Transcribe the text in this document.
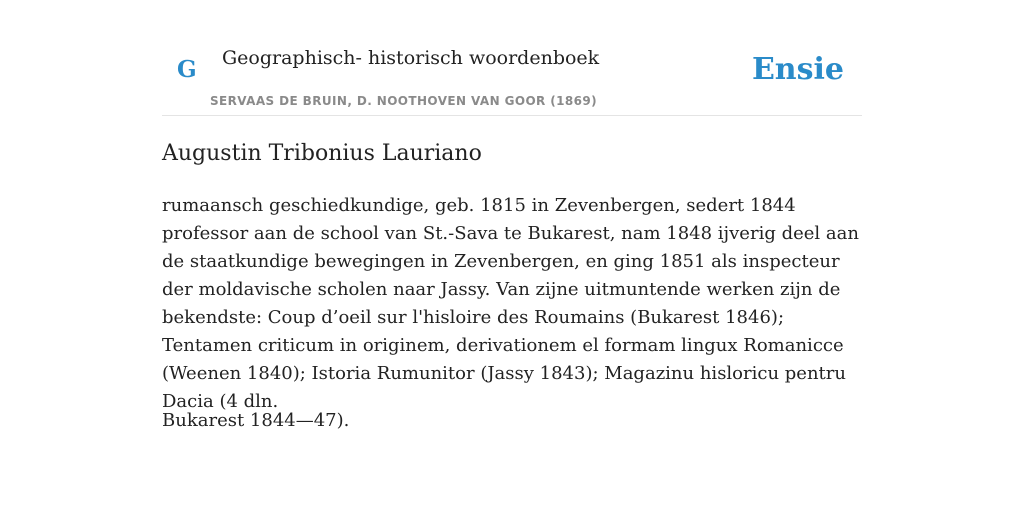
G Geographisch- historisch woordenboek
SERVAAS DE BRUIN, D. NOOTHOVEN VAN GOOR (1869)
Ensie
Augustin Tribonius Lauriano

rumaansch geschiedkundige, geb. 1815 in Zevenbergen, sedert 1844 professor aan de school van St.-Sava te Bukarest, nam 1848 ijverig deel aan de staatkundige bewegingen in Zevenbergen, en ging 1851 als inspecteur der moldavische scholen naar Jassy. Van zijne uitmuntende werken zijn de bekendste: Coup d’oeil sur l'hisloire des Roumains (Bukarest 1846); Tentamen criticum in originem, derivationem el formam lingux Romanicce (Weenen 1840); Istoria Rumunitor (Jassy 1843); Magazinu hisloricu pentru Dacia (4 dln.

Bukarest 1844—47).
